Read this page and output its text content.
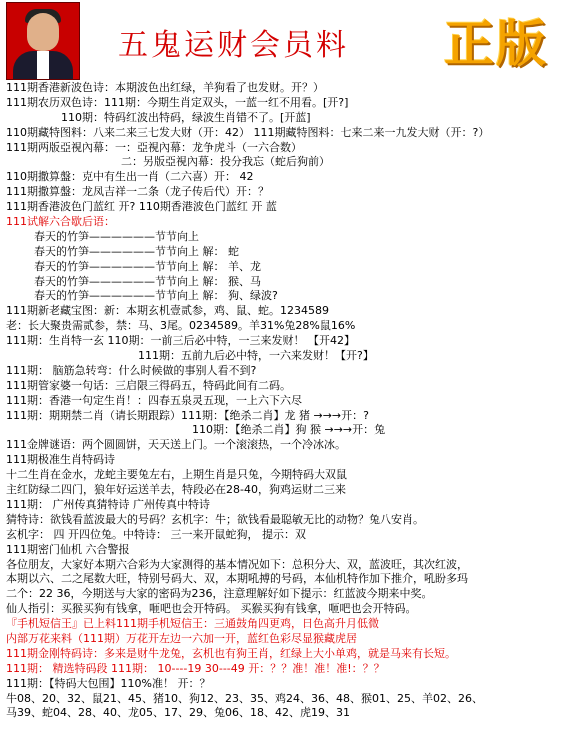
五鬼运财会员料 正版
111期香港新波色诗：本期波色出红绿，羊狗看了也发财。开？）
111期农历双色诗：111期：今期生肖定双头，一蓝一红不用看。[开?]
110期：特码红波出特码，绿波生肖错不了。[开蓝]
110期藏特图料：八来二来三七发大财（开：42） 111期藏特图料：七来二来一九发大财（开：?）
111期两版亞視內幕：一：亞視內幕：龙争虎斗（一六合数）
二：另版亞視內幕：投分我忘（蛇后狗前）
110期撒算盤：克中有生出一肖（二六喜）开： 42
111期撒算盤：龙凤吉祥一二条（龙子传后代）开：？
111期香港波色门蓝红 开? 110期香港波色门蓝红 开 蓝
111试解六合歇后语：
春天的竹笋——————节节向上
春天的竹笋——————节节向上 解： 蛇
春天的竹笋——————节节向上 解： 羊、龙
春天的竹笋——————节节向上 解： 猴、马
春天的竹笋——————节节向上 解： 狗、绿波?
111期新老藏宝图：新：本期玄机壹贰参，鸡、鼠、蛇。1234589
老：长大聚贵需贰参，禁：马、3尾。0234589。羊31%兔28%鼠16%
111期：生肖特一玄 110期：一前三后必中特，一三来发财！ 【开42】
111期：五前九后必中特，一六来发财！【开?】
111期： 脑筋急转弯：什么时候做的事别人看不到?
111期管家婆一句话：三启限三得码五，特码此间有二码。
111期：香港一句定生肖！：四春五泉灵五现，一上六下六尽
111期：期期禁二肖（请长期跟踪）111期：【绝杀二肖】龙 猪 →→→开：?
110期：【绝杀二肖】狗 猴 →→→开：兔
111金牌谜语：两个圆圆饼，天天送上门。一个滚滚热，一个冷冰冰。
111期极准生肖特码诗
十二生肖在金水，龙蛇主要兔左右，上期生肖是只兔，今期特码大双鼠
主红防绿二四门，狼年好运送羊去，特段必在28-40，狗鸡运财二三来
111期： 广州传真猜特诗 广州传真中特诗
猜特诗：欲钱看蓝波最大的号码？玄机字：牛；欲钱看最聪敏无比的动物？兔八安肖。
玄机字： 四 开四位兔。中特诗： 三一来开鼠蛇狗， 提示：双
111期密门仙机 六合警报
各位朋友，大家好本期六合彩为大家测得的基本情况如下：总积分大、双，蓝波旺，其次红波，
本期以六、二之尾数大旺，特别号码大、双，本期吼搏的号码，本仙机特作加下推介，吼盼多玛
二个：22 36，今期送与大家的密码为236，注意理解好如下提示：红蓝波今期来中奖。
仙人指引：买猴买狗有钱拿，咂吧也会开特码。 买猴买狗有钱拿，咂吧也会开特码。
『手机短信王』已上料111期手机短信王：三通鼓角四更鸡，日色高升月低微
内部万花来料（111期）万花开左边一六加一开，蓝红色彩尽显猴藏虎居
111期金刚特码诗：多来是财牛龙兔，玄机也有狗王肖，红绿上大小单鸡，就是马来有长短。
111期： 精选特码段 111期： 10----19 30---49 开：？？准！准！准!：？？
111期：【特码大包围】110%准！ 开：？
牛08、20、32、鼠21、45、猪10、狗12、23、35、鸡24、36、48、猴01、25、羊02、26、
马39、蛇04、28、40、龙05、17、29、兔06、18、42、虎19、31
